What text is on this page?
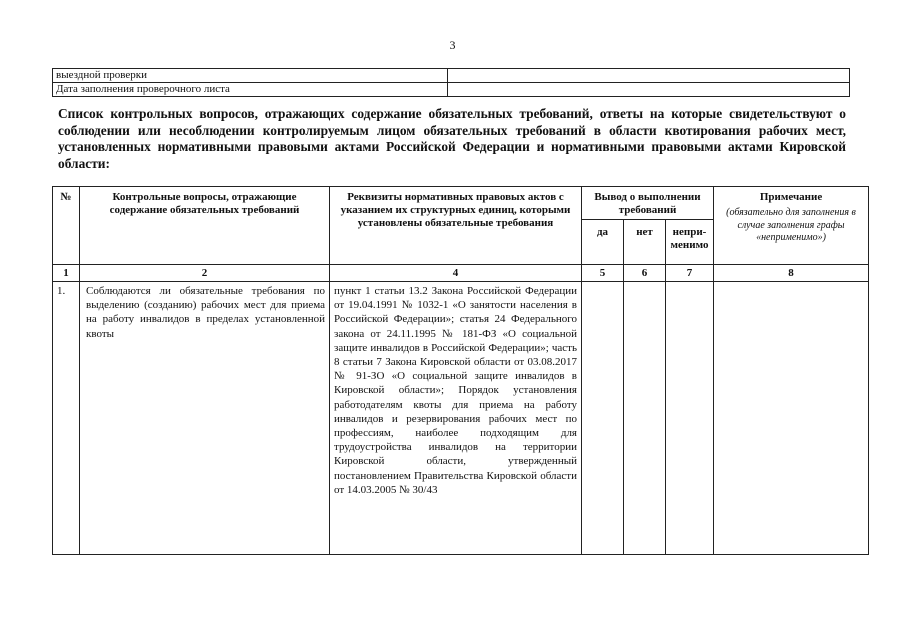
3
выездной проверки	
Дата заполнения проверочного листа	

Список контрольных вопросов, отражающих содержание обязательных требований, ответы на которые свидетельствуют о соблюдении или несоблюдении контролируемым лицом обязательных требований в области квотирования рабочих мест, установленных нормативными правовыми актами Российской Федерации и нормативными правовыми актами Кировской области:

№	Контрольные вопросы, отражающие содержание обязательных требований	Реквизиты нормативных правовых актов с указанием их структурных единиц, которыми установлены обязательные требования	Вывод о выполнении требований			Примечание
(обязательно для заполнения в случае заполнения графы «неприменимо»)

			да	нет	непри-менимо	
1	2	4	5	6	7	8
1.	Соблюдаются ли обязательные требования по выделению (созданию) рабочих мест для приема на работу инвалидов в пределах установленной квоты	пункт 1 статьи 13.2 Закона Российской Федерации от 19.04.1991 № 1032-1 «О занятости населения в Российской Федерации»; статья 24 Федерального закона от 24.11.1995 № 181-ФЗ «О социальной защите инвалидов в Российской Федерации»; часть 8 статьи 7 Закона Кировской области от 03.08.2017 № 91-ЗО «О социальной защите инвалидов в Кировской области»; Порядок установления работодателям квоты для приема на работу инвалидов и резервирования рабочих мест по профессиям, наиболее подходящим для трудоустройства инвалидов на территории Кировской области, утвержденный постановлением Правительства Кировской области от 14.03.2005 № 30/43				
